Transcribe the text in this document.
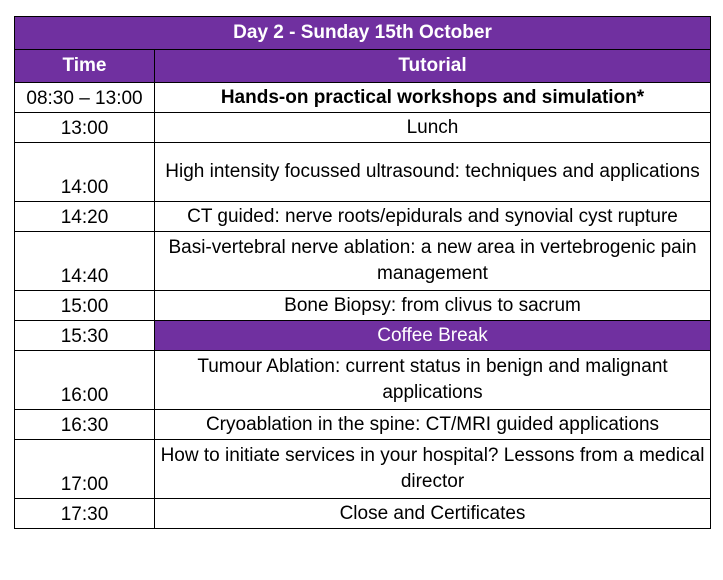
Day 2 - Sunday 15th October	
Time	Tutorial
08:30 – 13:00	Hands-on practical workshops and simulation*
13:00	Lunch
14:00	High intensity focussed ultrasound: techniques and applications
14:20	CT guided: nerve roots/epidurals and synovial cyst rupture
14:40	Basi-vertebral nerve ablation: a new area in vertebrogenic pain management
15:00	Bone Biopsy: from clivus to sacrum
15:30	Coffee Break
16:00	Tumour Ablation: current status in benign and malignant applications
16:30	Cryoablation in the spine: CT/MRI guided applications
17:00	How to initiate services in your hospital? Lessons from a medical director
17:30	Close and Certificates
